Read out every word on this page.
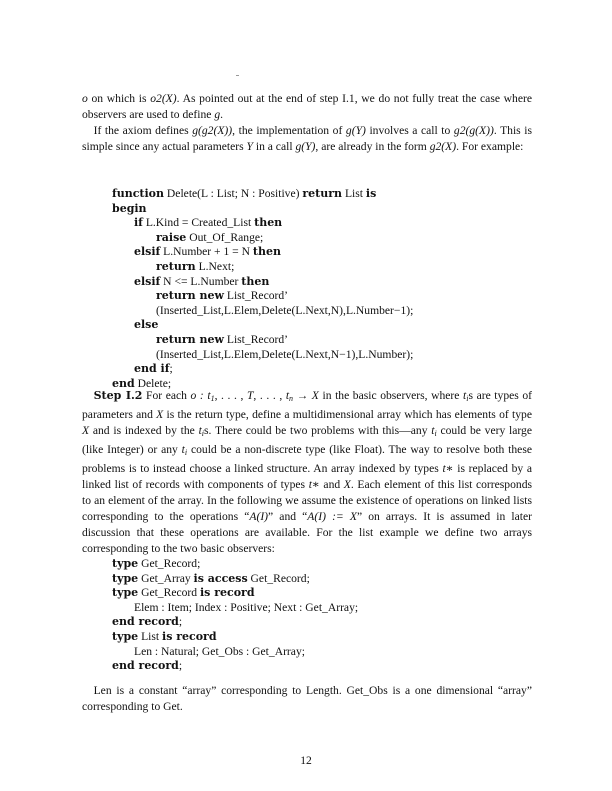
o on which is o2(X). As pointed out at the end of step I.1, we do not fully treat the case where observers are used to define g.
 If the axiom defines g(g2(X)), the implementation of g(Y) involves a call to g2(g(X)). This is simple since any actual parameters Y in a call g(Y), are already in the form g2(X). For example:
function Delete(L : List; N : Positive) return List is
begin
if L.Kind = Created_List then
raise Out_Of_Range;
elsif L.Number + 1 = N then
return L.Next;
elsif N <= L.Number then
return new List_Record’
(Inserted_List,L.Elem,Delete(L.Next,N),L.Number−1);
else
return new List_Record’
(Inserted_List,L.Elem,Delete(L.Next,N−1),L.Number);
end if;
end Delete;
 Step I.2 For each o : $t_1$, . . . , T, . . . , $t_n \to X$ in the basic observers, where $t_is$ are types of parameters and X is the return type, define a multidimensional array which has elements of type X and is indexed by the $t_is$. There could be two problems with this—any $t_i$ could be very large (like Integer) or any $t_i$ could be a non-discrete type (like Float). The way to resolve both these problems is to instead choose a linked structure. An array indexed by types t∗ is replaced by a linked list of records with components of types t∗ and X. Each element of this list corresponds to an element of the array. In the following we assume the existence of operations on linked lists corresponding to the operations “A(I)” and “A(I) := X” on arrays. It is assumed in later discussion that these operations are available. For the list example we define two arrays corresponding to the two basic observers:
type Get_Record;
type Get_Array is access Get_Record;
type Get_Record is record
Elem : Item; Index : Positive; Next : Get_Array;
end record;
type List is record
Len : Natural; Get_Obs : Get_Array;
end record;
 Len is a constant “array” corresponding to Length. Get_Obs is a one dimensional “array” corresponding to Get.
12
